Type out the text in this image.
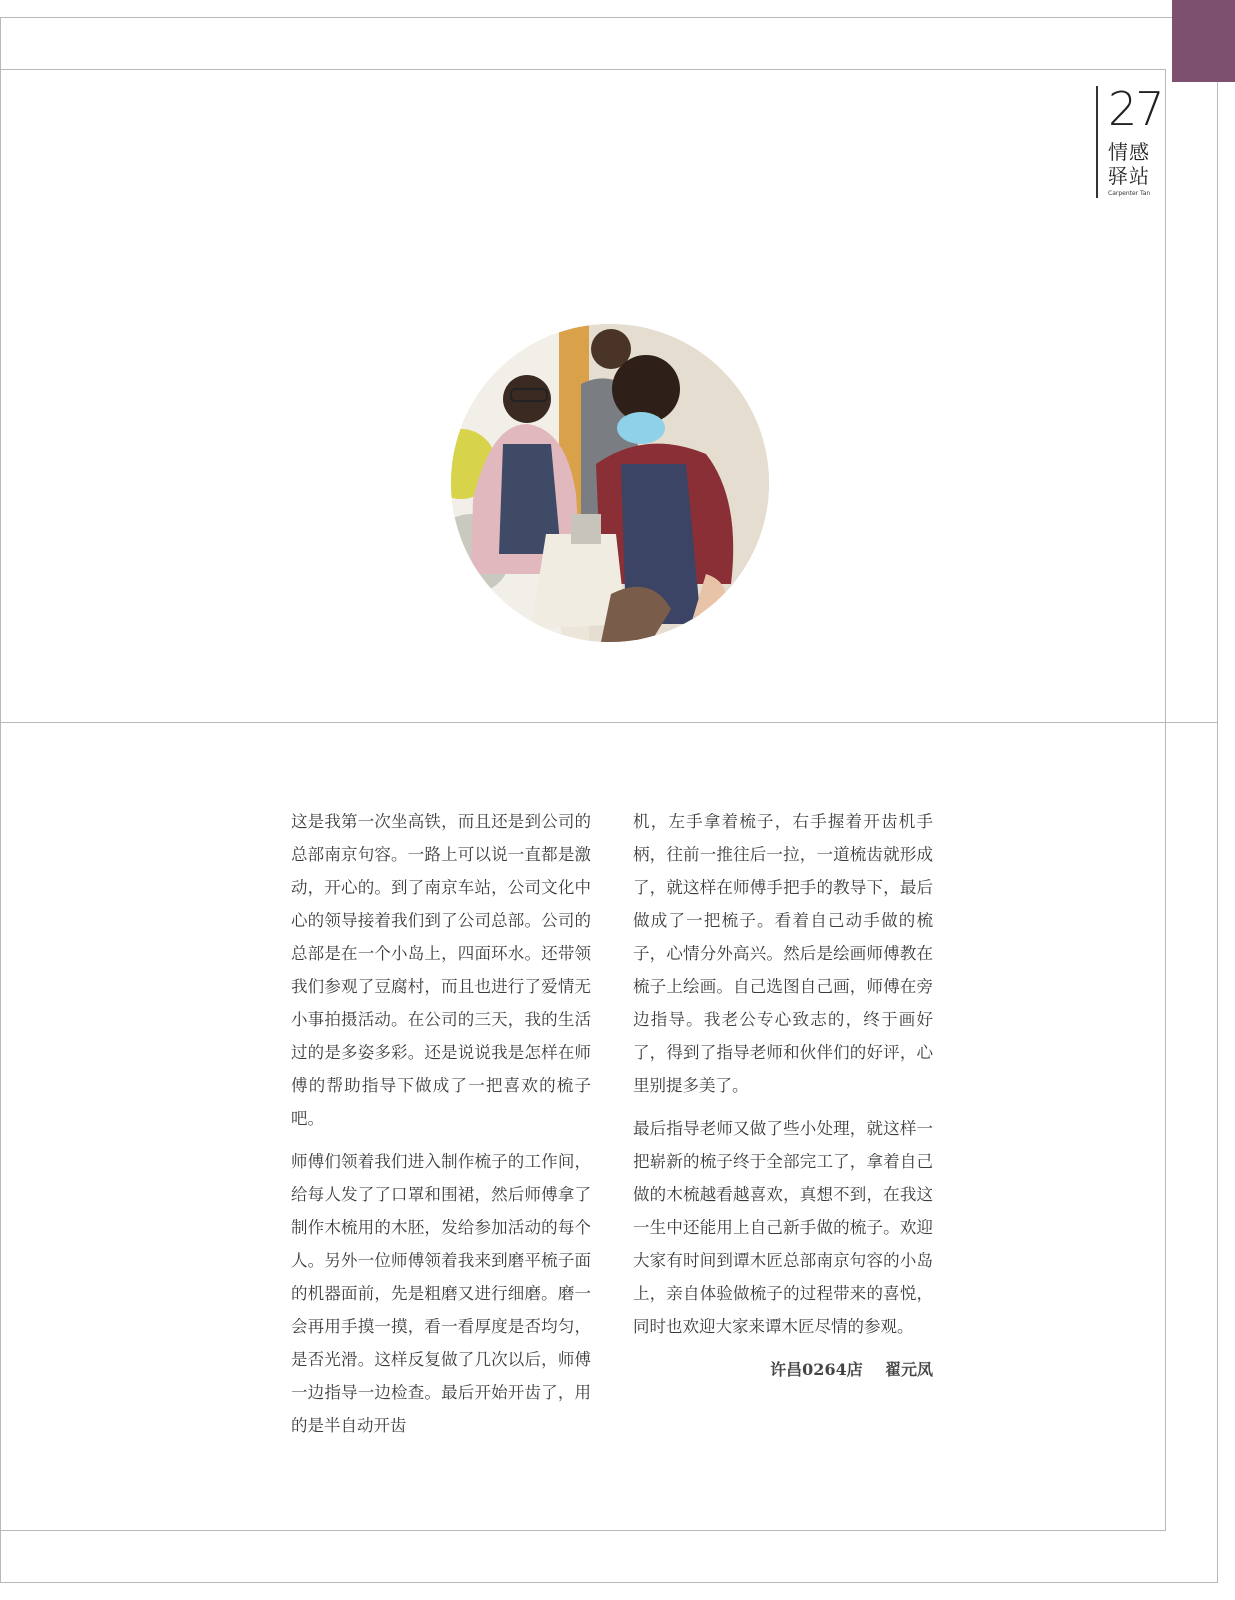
27
情感
驿站
Carpenter Tan

这是我第一次坐高铁，而且还是到公司的总部南京句容。一路上可以说一直都是激动，开心的。到了南京车站，公司文化中心的领导接着我们到了公司总部。公司的总部是在一个小岛上，四面环水。还带领我们参观了豆腐村，而且也进行了爱情无小事拍摄活动。在公司的三天，我的生活过的是多姿多彩。还是说说我是怎样在师傅的帮助指导下做成了一把喜欢的梳子吧。

师傅们领着我们进入制作梳子的工作间，给每人发了了口罩和围裙，然后师傅拿了制作木梳用的木胚，发给参加活动的每个人。另外一位师傅领着我来到磨平梳子面的机器面前，先是粗磨又进行细磨。磨一会再用手摸一摸，看一看厚度是否均匀，是否光滑。这样反复做了几次以后，师傅一边指导一边检查。最后开始开齿了，用的是半自动开齿

机，左手拿着梳子，右手握着开齿机手柄，往前一推往后一拉，一道梳齿就形成了，就这样在师傅手把手的教导下，最后做成了一把梳子。看着自己动手做的梳子，心情分外高兴。然后是绘画师傅教在梳子上绘画。自己选图自己画，师傅在旁边指导。我老公专心致志的，终于画好了，得到了指导老师和伙伴们的好评，心里别提多美了。

最后指导老师又做了些小处理，就这样一把崭新的梳子终于全部完工了，拿着自己做的木梳越看越喜欢，真想不到，在我这一生中还能用上自己新手做的梳子。欢迎大家有时间到谭木匠总部南京句容的小岛上，亲自体验做梳子的过程带来的喜悦，同时也欢迎大家来谭木匠尽情的参观。

许昌0264店    翟元凤
